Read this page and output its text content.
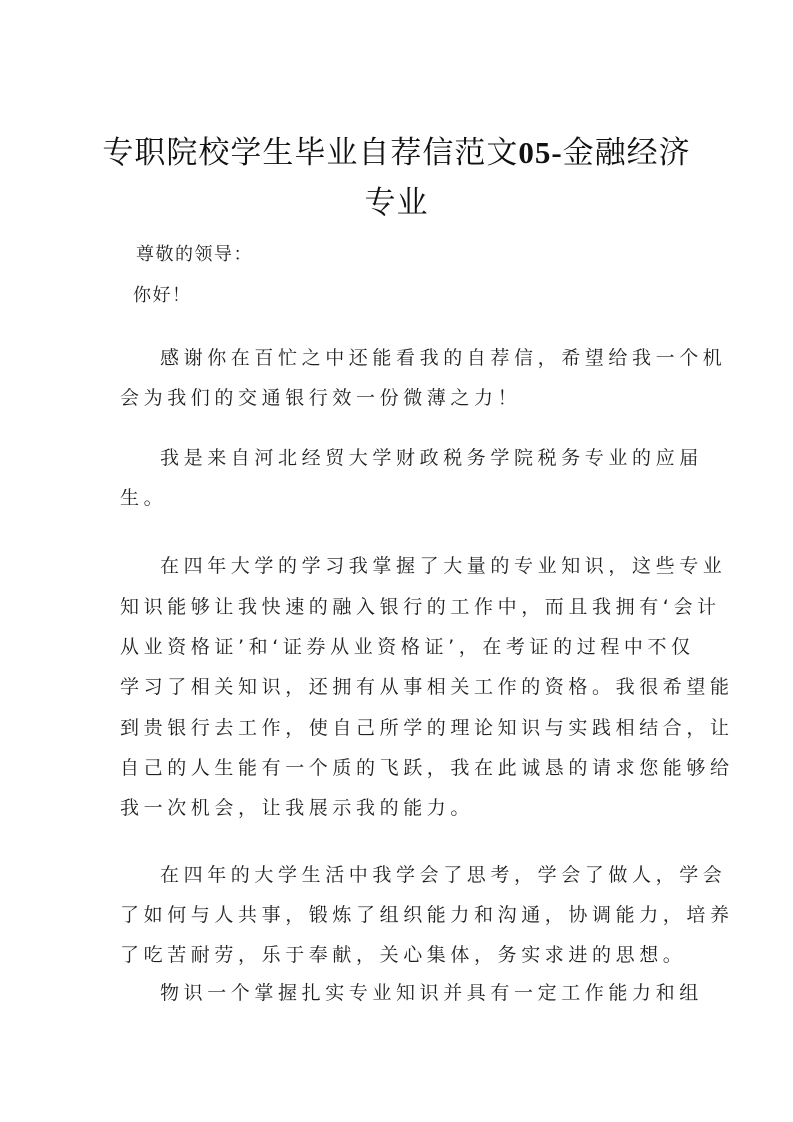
专职院校学生毕业自荐信范文05-金融经济
专业
尊敬的领导：
你好！
感谢你在百忙之中还能看我的自荐信，希望给我一个机
会为我们的交通银行效一份微薄之力！
我是来自河北经贸大学财政税务学院税务专业的应届
生。
在四年大学的学习我掌握了大量的专业知识，这些专业
知识能够让我快速的融入银行的工作中，而且我拥有‘会计
从业资格证’和‘证券从业资格证’，在考证的过程中不仅
学习了相关知识，还拥有从事相关工作的资格。我很希望能
到贵银行去工作，使自己所学的理论知识与实践相结合，让
自己的人生能有一个质的飞跃，我在此诚恳的请求您能够给
我一次机会，让我展示我的能力。
在四年的大学生活中我学会了思考，学会了做人，学会
了如何与人共事，锻炼了组织能力和沟通，协调能力，培养
了吃苦耐劳，乐于奉献，关心集体，务实求进的思想。
物识一个掌握扎实专业知识并具有一定工作能力和组
